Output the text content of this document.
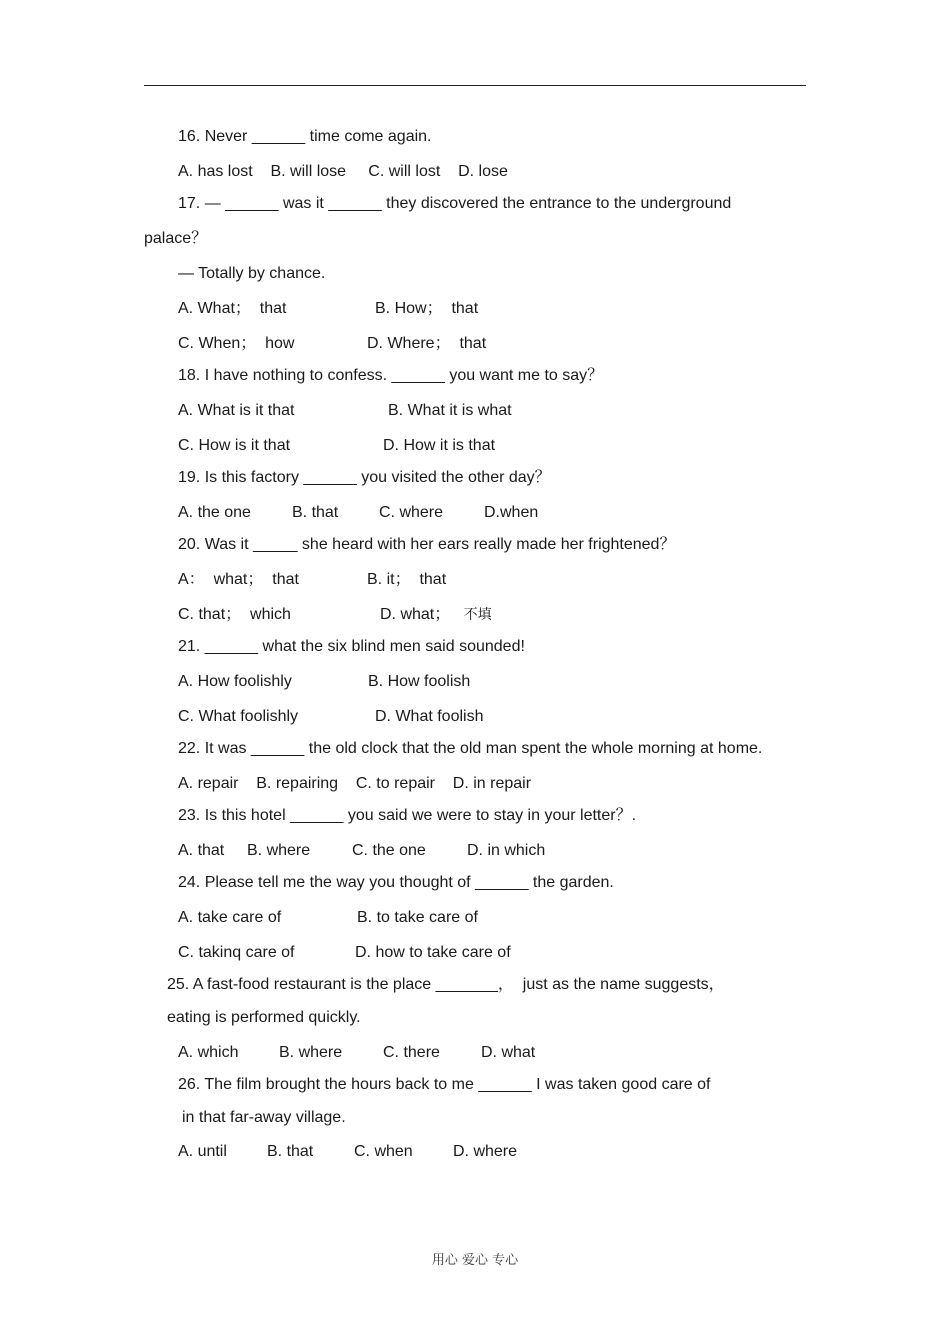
16. Never ______ time come again.
A. has lost    B. will lose     C. will lost    D. lose
17. — ______ was it ______ they discovered the entrance to the underground
palace？
— Totally by chance.
A. What；  that	B. How；  that
C. When；  how	D. Where；  that
18. I have nothing to confess. ______ you want me to say？
A. What is it that	B. What it is what
C. How is it that	D. How it is that
19. Is this factory ______ you visited the other day？
A. the one	B. that	C. where	D.when
20. Was it _____ she heard with her ears really made her frightened？
A：  what；  that	B. it；  that
C. that；  which	D. what； 不填
21. ______ what the six blind men said sounded!
A. How foolishly	B. How foolish
C. What foolishly	D. What foolish
22. It was ______ the old clock that the old man spent the whole morning at home.
A. repair    B. repairing    C. to repair    D. in repair
23. Is this hotel ______ you said we were to stay in your letter？.
A. that B. where	C. the one	D. in which
24. Please tell me the way you thought of ______ the garden.
A. take care of	B. to take care of
C. takinq care of	D. how to take care of
25. A fast-food restaurant is the place _______，  just as the name suggests，
eating is performed quickly.
A. which	B. where	C. there	D. what
26. The film brought the hours back to me ______ I was taken good care of
in that far-away village.
A. until	B. that	C. when	D. where
用心 爱心 专心
